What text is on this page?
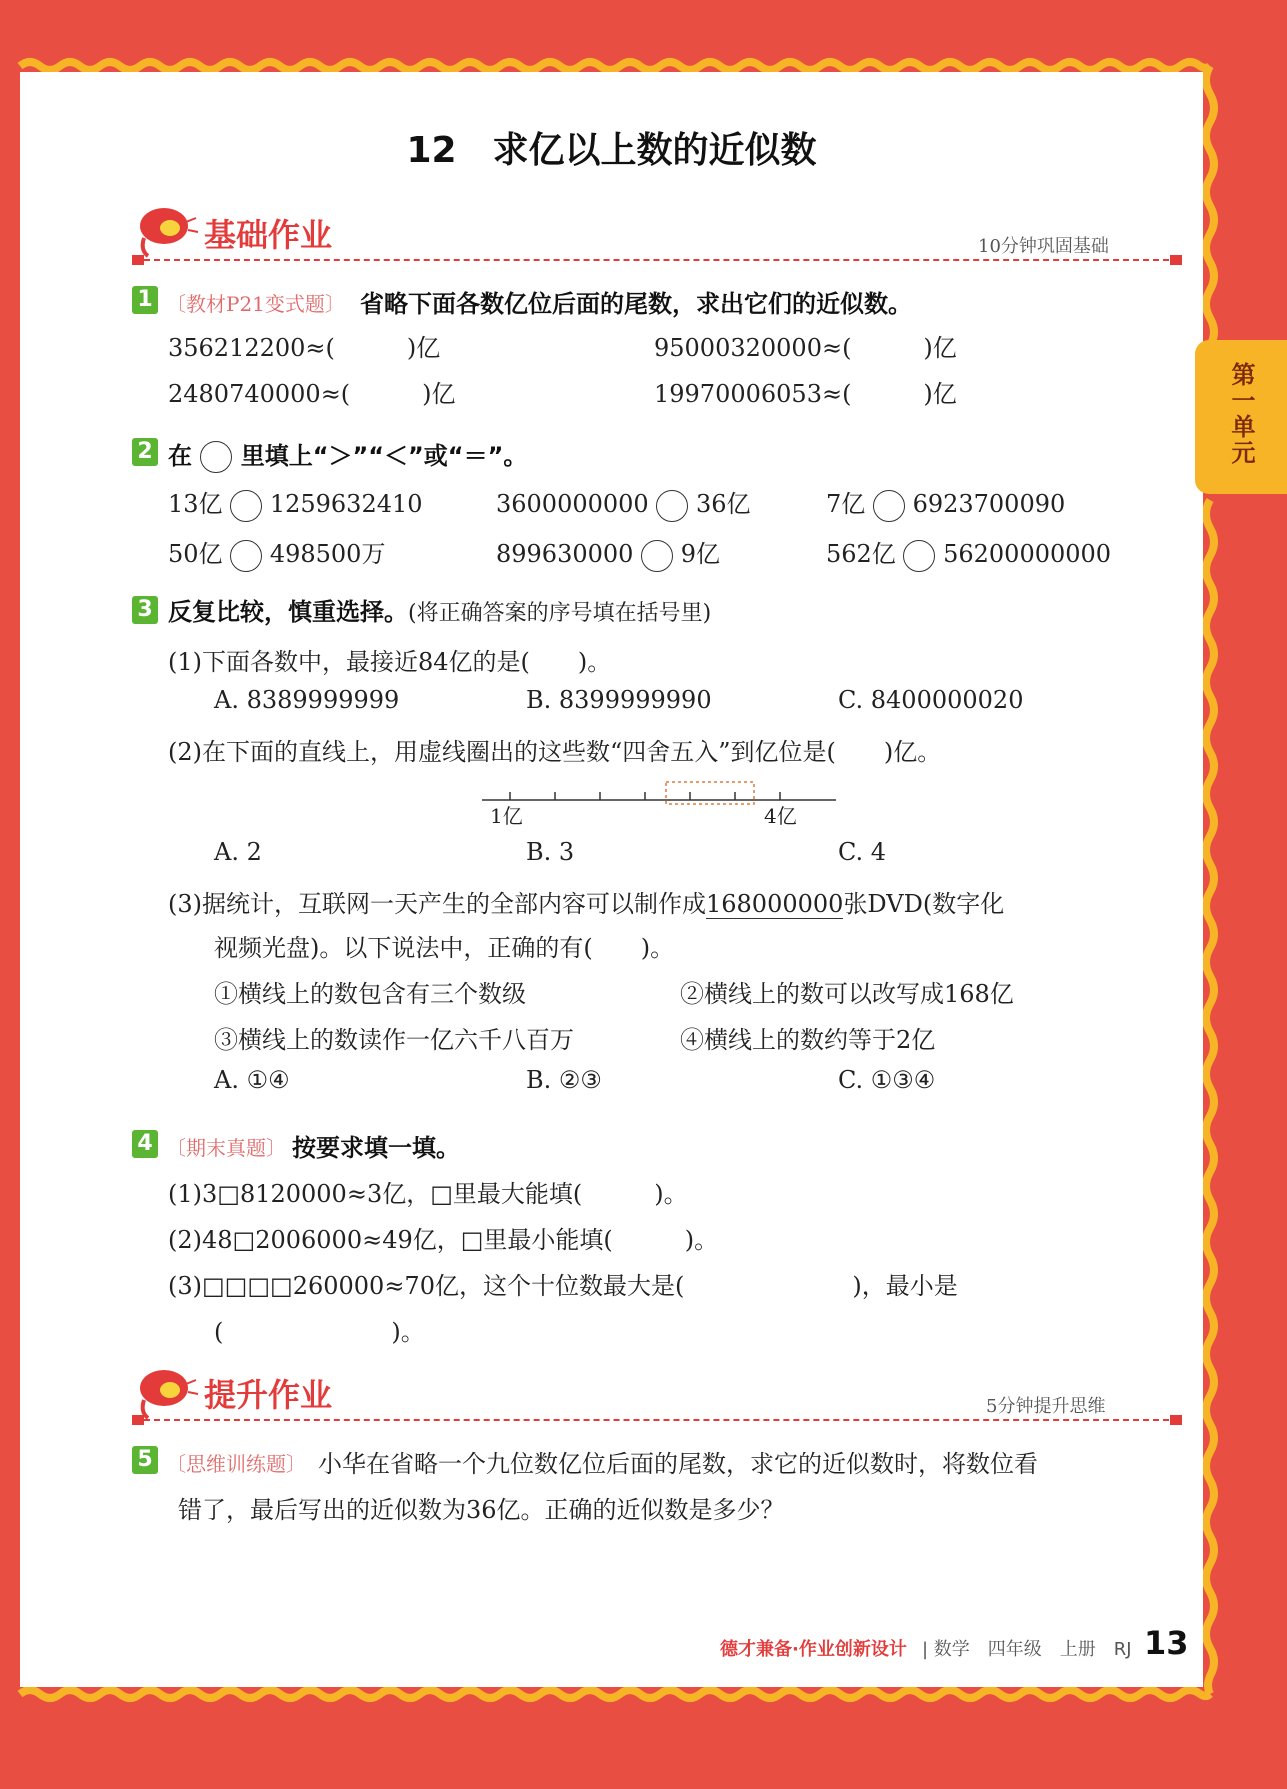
12　求亿以上数的近似数
基础作业	10分钟巩固基础
1 〔教材P21变式题〕 省略下面各数亿位后面的尾数，求出它们的近似数。
356212200≈(　　　)亿	95000320000≈(　　　)亿
2480740000≈(　　　)亿	19970006053≈(　　　)亿
2 在 里填上“＞”“＜”或“＝”。
13亿 1259632410	3600000000 36亿	7亿 6923700090
50亿 498500万	899630000 9亿	562亿 56200000000
3 反复比较，慎重选择。(将正确答案的序号填在括号里)
(1)下面各数中，最接近84亿的是(　　)。
A. 8389999999	B. 8399999990	C. 8400000020
(2)在下面的直线上，用虚线圈出的这些数“四舍五入”到亿位是(　　)亿。
1亿	4亿
A. 2	B. 3	C. 4
(3)据统计，互联网一天产生的全部内容可以制作成168000000张DVD(数字化
视频光盘)。以下说法中，正确的有(　　)。
①横线上的数包含有三个数级	②横线上的数可以改写成168亿
③横线上的数读作一亿六千八百万	④横线上的数约等于2亿
A. ①④	B. ②③	C. ①③④
4 〔期末真题〕 按要求填一填。
(1)3□8120000≈3亿，□里最大能填(　　　)。
(2)48□2006000≈49亿，□里最小能填(　　　)。
(3)□□□□260000≈70亿，这个十位数最大是(　　　　　　　)，最小是
(　　　　　　　)。
提升作业	5分钟提升思维
5 〔思维训练题〕 小华在省略一个九位数亿位后面的尾数，求它的近似数时，将数位看
错了，最后写出的近似数为36亿。正确的近似数是多少？
德才兼备·作业创新设计 | 数学　四年级　上册　RJ 13
第一单元
